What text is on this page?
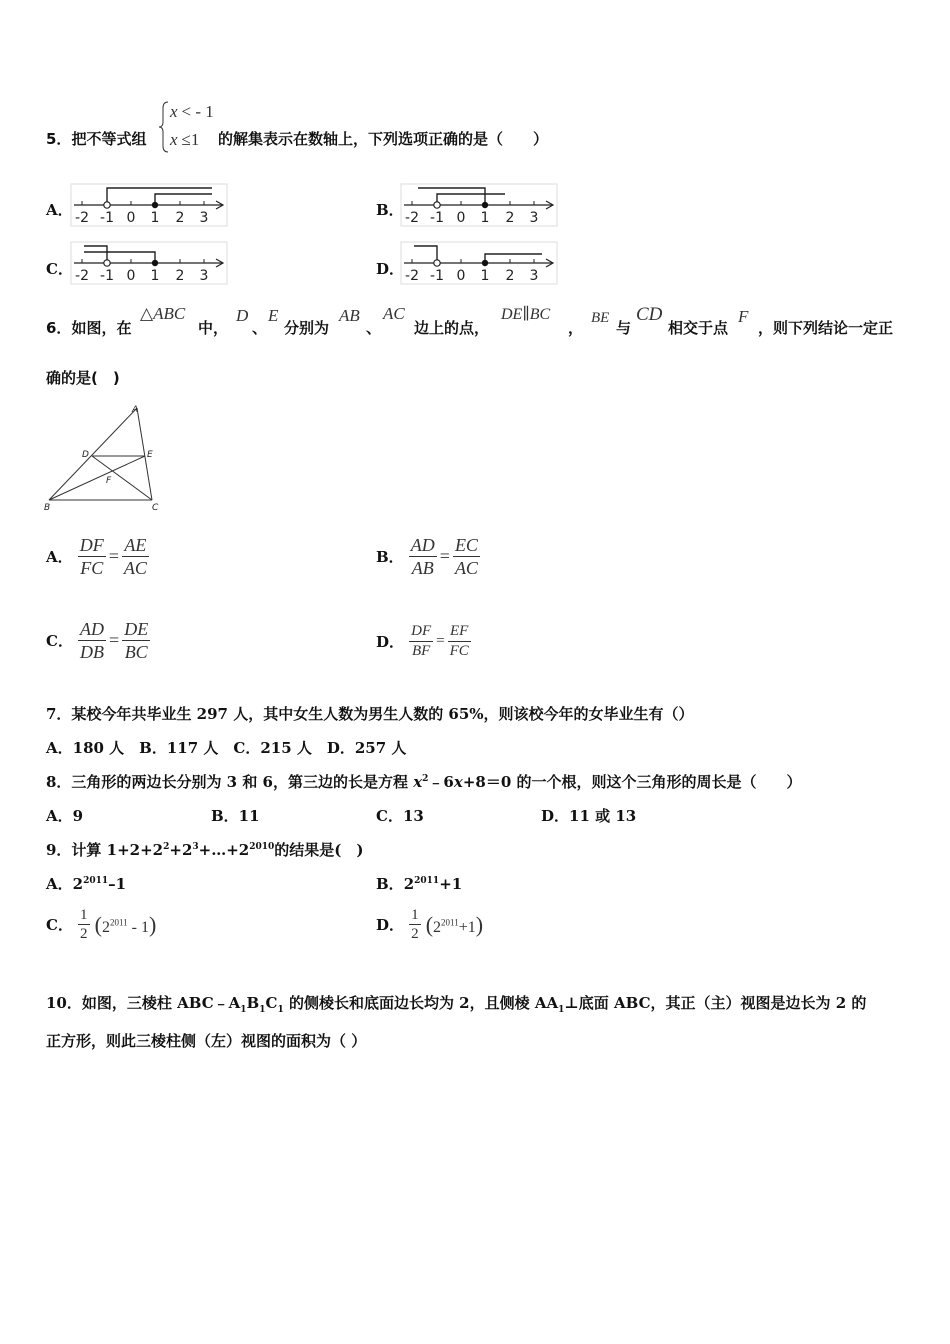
5．把不等式组
x < - 1
x ≤1 的解集表示在数轴上，下列选项正确的是（　　）
A． -2 -1 0 1 2 3	B． -2 -1 0 1 2 3
C． -2 -1 0 1 2 3	D． -2 -1 0 1 2 3
6．如图，在
△ABC
中，
D
、
E
分别为
AB
、
AC
边上的点，
DE∥BC
，
BE
与
CD
相交于点
F
，则下列结论一定正
确的是(　)
A
D	E
F
B	C
A． $\frac{DF}{FC} = \frac{AE}{AC}$	B． $\frac{AD}{AB} = \frac{EC}{AC}$
C． $\frac{AD}{DB} = \frac{DE}{BC}$	D． $\frac{DF}{BF} = \frac{EF}{FC}$
7．某校今年共毕业生 297 人，其中女生人数为男生人数的 65%，则该校今年的女毕业生有（）
A．180 人　B．117 人　C．215 人　D．257 人
8．三角形的两边长分别为 3 和 6，第三边的长是方程 $x^2﹣6x+8=0$ 的一个根，则这个三角形的周长是（　　）
A．9	B．11	C．13	D．11 或 13
9．计算 $1+2+2^2+2^3+\dots+2^{2010}$的结果是(　)
A．$2^{2011}-1$	B．$2^{2011}+1$
C． $\frac{1}{2} (2^{2011} - 1)$	D． $\frac{1}{2} (2^{2011}+1)$
10．如图，三棱柱 $ABC﹣A_1B_1C_1$ 的侧棱长和底面边长均为 2，且侧棱 $AA_1\perp$底面 ABC，其正（主）视图是边长为 2 的
正方形，则此三棱柱侧（左）视图的面积为（ ）
